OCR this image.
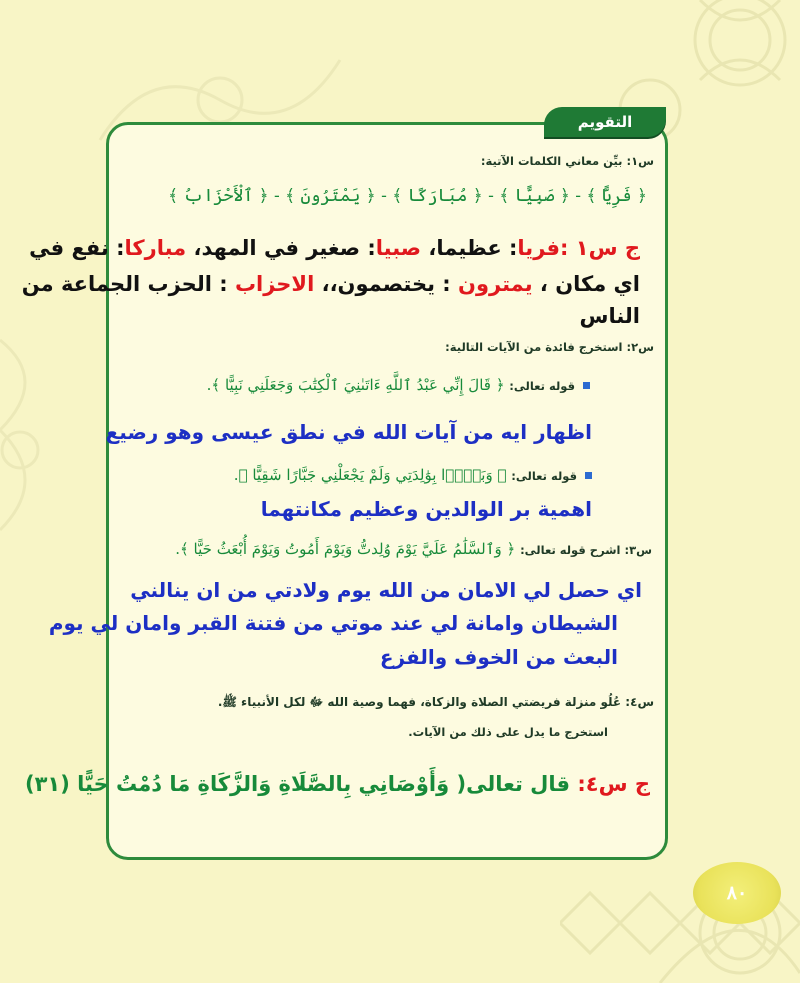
التقويم
س١: بيِّن معاني الكلمات الآتية:
﴿ فَرِيًّا ﴾ - ﴿ صَبِيًّا ﴾ - ﴿ مُبَارَكًا ﴾ - ﴿ يَمْتَرُونَ ﴾ - ﴿ ٱلْأَحْزَابُ ﴾
ج س١ :فريا: عظيما، صبيا: صغير في المهد، مباركا: نفع في
اي مكان ، يمترون : يختصمون،، الاحزاب : الحزب الجماعة من
الناس
س٢: استخرج فائدة من الآيات التالية:
قوله تعالى: ﴿ قَالَ إِنِّي عَبْدُ ٱللَّهِ ءَاتَىٰنِيَ ٱلْكِتَٰبَ وَجَعَلَنِي نَبِيًّا ﴾.
اظهار ايه من آيات الله في نطق عيسى وهو رضيع
قوله تعالى: ﴿ وَبَرًّۢا بِوَٰلِدَتِي وَلَمْ يَجْعَلْنِي جَبَّارًا شَقِيًّا ﴾.
اهمية بر الوالدين وعظيم مكانتهما
س٣: اشرح قوله تعالى: ﴿ وَٱلسَّلَٰمُ عَلَيَّ يَوْمَ وُلِدتُّ وَيَوْمَ أَمُوتُ وَيَوْمَ أُبْعَثُ حَيًّا ﴾.
اي حصل لي الامان من الله يوم ولادتي من ان ينالني
الشيطان وامانة لي عند موتي من فتنة القبر وامان لي يوم
البعث من الخوف والفزع
س٤: عُلُو منزلة فريضتي الصلاة والزكاة، فهما وصية الله ﷻ لكل الأنبياء ﷺ.
استخرج ما يدل على ذلك من الآيات.
ج س٤: قال تعالى( وَأَوْصَانِي بِالصَّلَاةِ وَالزَّكَاةِ مَا دُمْتُ حَيًّا (٣١)
٨٠
